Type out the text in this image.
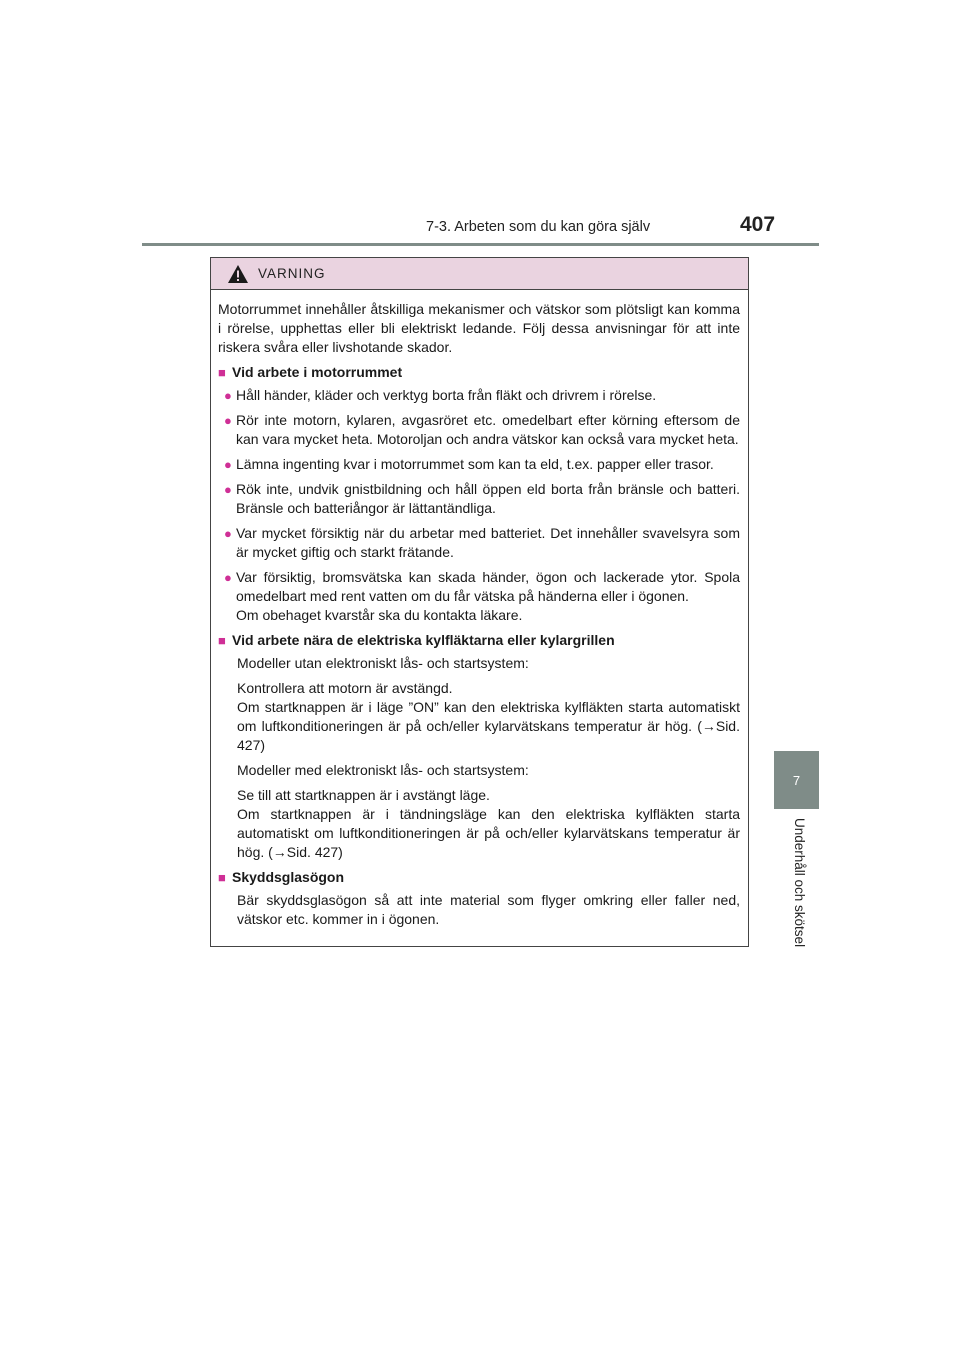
7-3. Arbeten som du kan göra själv	407
7
Underhåll och skötsel
VARNING
Motorrummet innehåller åtskilliga mekanismer och vätskor som plötsligt kan komma i rörelse, upphettas eller bli elektriskt ledande. Följ dessa anvisningar för att inte riskera svåra eller livshotande skador.
■ Vid arbete i motorrummet
● Håll händer, kläder och verktyg borta från fläkt och drivrem i rörelse.
● Rör inte motorn, kylaren, avgasröret etc. omedelbart efter körning eftersom de kan vara mycket heta. Motoroljan och andra vätskor kan också vara mycket heta.
● Lämna ingenting kvar i motorrummet som kan ta eld, t.ex. papper eller trasor.
● Rök inte, undvik gnistbildning och håll öppen eld borta från bränsle och batteri. Bränsle och batteriångor är lättantändliga.
● Var mycket försiktig när du arbetar med batteriet. Det innehåller svavelsyra som är mycket giftig och starkt frätande.
● Var försiktig, bromsvätska kan skada händer, ögon och lackerade ytor. Spola omedelbart med rent vatten om du får vätska på händerna eller i ögonen.
Om obehaget kvarstår ska du kontakta läkare.
■ Vid arbete nära de elektriska kylfläktarna eller kylargrillen
Modeller utan elektroniskt lås- och startsystem:
Kontrollera att motorn är avstängd.
Om startknappen är i läge ”ON” kan den elektriska kylfläkten starta automatiskt om luftkonditioneringen är på och/eller kylarvätskans temperatur är hög. (→Sid. 427)
Modeller med elektroniskt lås- och startsystem:
Se till att startknappen är i avstängt läge.
Om startknappen är i tändningsläge kan den elektriska kylfläkten starta automatiskt om luftkonditioneringen är på och/eller kylarvätskans temperatur är hög. (→Sid. 427)
■ Skyddsglasögon
Bär skyddsglasögon så att inte material som flyger omkring eller faller ned, vätskor etc. kommer in i ögonen.
